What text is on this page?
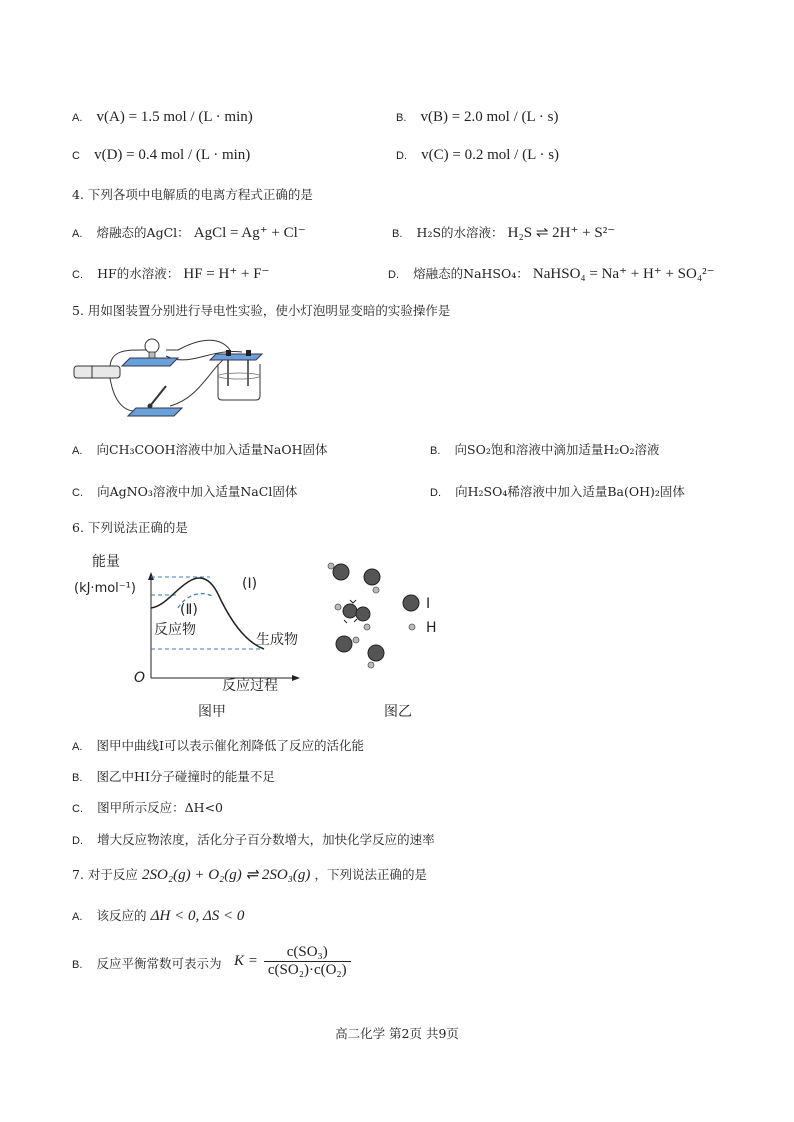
A. v(A) = 1.5 mol / (L · min)	B. v(B) = 2.0 mol / (L · s)
C v(D) = 0.4 mol / (L · min)	D. v(C) = 0.2 mol / (L · s)
4. 下列各项中电解质的电离方程式正确的是
A. 熔融态的AgCl： AgCl = Ag⁺ + Cl⁻	B. H₂S的水溶液： H₂S ⇌ 2H⁺ + S²⁻
C. HF的水溶液： HF = H⁺ + F⁻	D. 熔融态的NaHSO₄： NaHSO₄ = Na⁺ + H⁺ + SO₄²⁻
5. 用如图装置分别进行导电性实验，使小灯泡明显变暗的实验操作是
A. 向CH₃COOH溶液中加入适量NaOH固体	B. 向SO₂饱和溶液中滴加适量H₂O₂溶液
C. 向AgNO₃溶液中加入适量NaCl固体	D. 向H₂SO₄稀溶液中加入适量Ba(OH)₂固体
6. 下列说法正确的是
能量
(kJ·mol⁻¹)	(Ⅰ)
(Ⅱ)
反应物
生成物
O	反应过程
图甲
I
H
图乙
A. 图甲中曲线Ⅰ可以表示催化剂降低了反应的活化能
B. 图乙中HI分子碰撞时的能量不足
C. 图甲所示反应：ΔH<0
D. 增大反应物浓度，活化分子百分数增大，加快化学反应的速率
7. 对于反应 2SO₂(g) + O₂(g) ⇌ 2SO₃(g) ，下列说法正确的是
A. 该反应的 ΔH < 0, ΔS < 0
B. 反应平衡常数可表示为 K =
c(SO₃)
c(SO₂)·c(O₂)
高二化学 第2页 共9页
